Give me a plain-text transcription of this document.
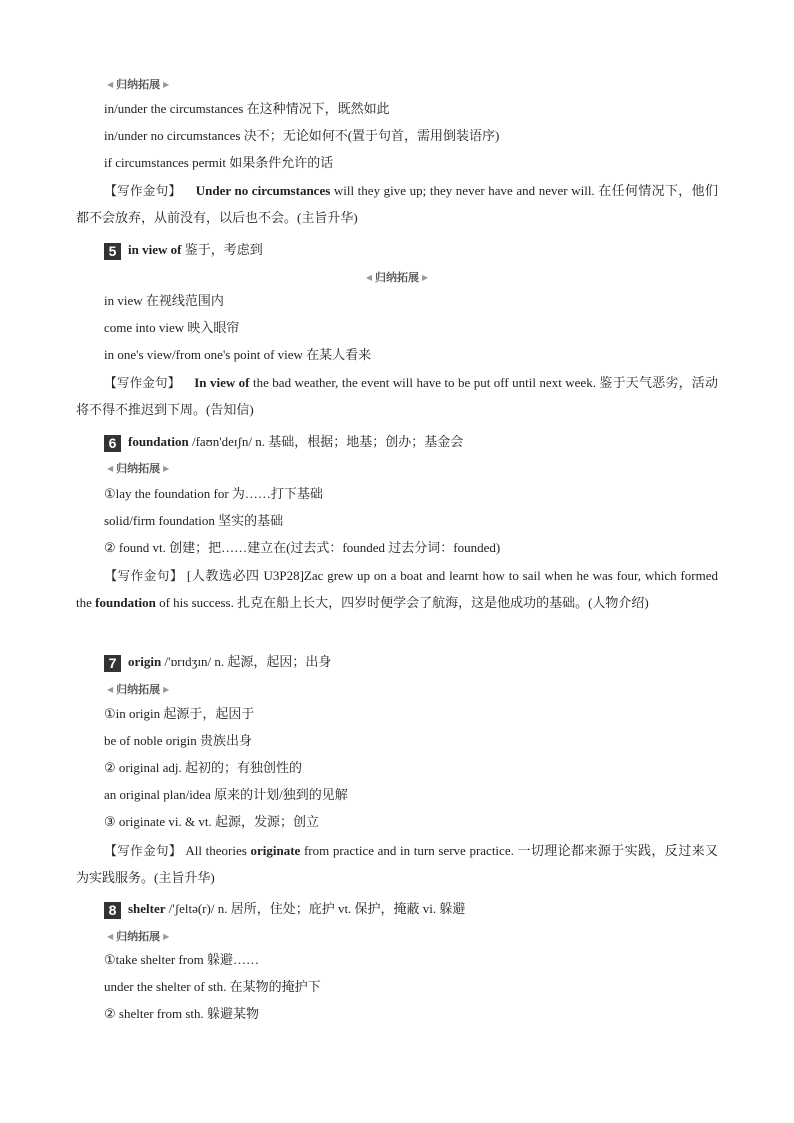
◀ 归纳拓展 ▶
in/under the circumstances 在这种情况下，既然如此
in/under no circumstances 决不；无论如何不(置于句首，需用倒装语序)
if circumstances permit 如果条件允许的话
【写作金句】 Under no circumstances will they give up; they never have and never will. 在任何情况下，他们都不会放弃，从前没有，以后也不会。(主旨升华)
5 in view of 鉴于，考虑到
◀ 归纳拓展 ▶
in view 在视线范围内
come into view 映入眼帘
in one's view/from one's point of view 在某人看来
【写作金句】 In view of the bad weather, the event will have to be put off until next week. 鉴于天气恶劣，活动将不得不推迟到下周。(告知信)
6 foundation /faʊn'deɪʃn/ n. 基础，根据；地基；创办；基金会
◀ 归纳拓展 ▶
①lay the foundation for 为……打下基础
solid/firm foundation 坚实的基础
② found vt. 创建；把……建立在(过去式：founded 过去分词：founded)
【写作金句】 [人教选必四 U3P28]Zac grew up on a boat and learnt how to sail when he was four, which formed the foundation of his success. 扎克在船上长大，四岁时便学会了航海，这是他成功的基础。(人物介绍)
7 origin /'ɒrɪdʒɪn/ n. 起源，起因；出身
◀ 归纳拓展 ▶
①in origin 起源于，起因于
be of noble origin 贵族出身
② original adj. 起初的；有独创性的
an original plan/idea 原来的计划/独到的见解
③ originate vi. & vt. 起源，发源；创立
【写作金句】 All theories originate from practice and in turn serve practice. 一切理论都来源于实践，反过来又为实践服务。(主旨升华)
8 shelter /'ʃeltə(r)/ n. 居所，住处；庇护 vt. 保护，掩蔽 vi. 躲避
◀ 归纳拓展 ▶
①take shelter from 躲避……
under the shelter of sth. 在某物的掩护下
② shelter from sth. 躲避某物
